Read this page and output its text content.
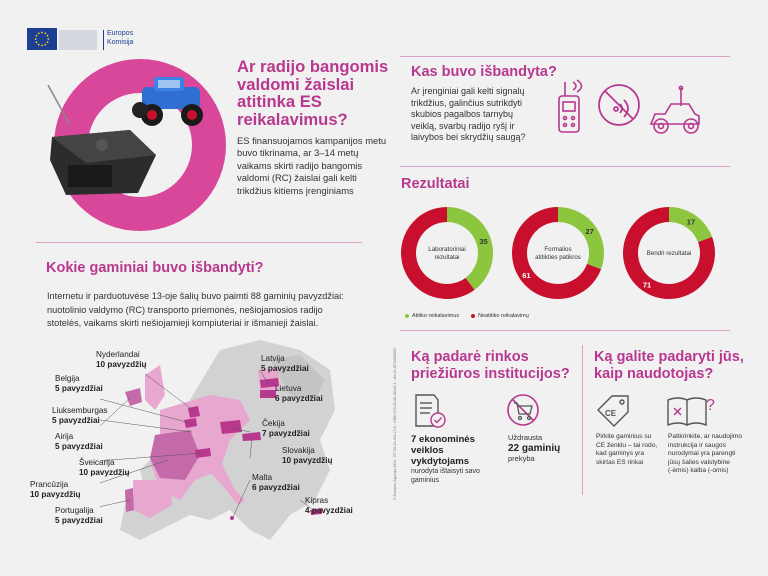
Europos
Komisija
Ar radijo bangomis
valdomi žaislai
atitinka ES
reikalavimus?
ES finansuojamos kampanijos metu
buvo tikrinama, ar 3–14 metų
vaikams skirti radijo bangomis
valdomi (RC) žaislai gali kelti
trikdžius kitiems įrenginiams
Kas buvo išbandyta?
Ar įrenginiai gali kelti signalų
trikdžius, galinčius sutrikdyti
skubios pagalbos tarnybų
veiklą, svarbų radijo ryšį ir
laivybos bei skrydžių saugą?
Rezultatai
Laboratoriniai
rezultatai
35
Formalios
atitikties patikros
27
61
Bendri rezultatai
17
71
Atitiko reikalavimus	Neatitiko reikalavimų
Kokie gaminiai buvo išbandyti?
Internetu ir parduotuvėse 13-oje šalių buvo paimti 88 gaminių pavyzdžiai:
nuotolinio valdymo (RC) transporto priemonės, nešiojamosios radijo
stotelės, vaikams skirti nešiojamieji kompiuteriai ir išmanieji žaislai.
Nyderlandai
10 pavyzdžių
Belgija
5 pavyzdžiai
Liuksemburgas
5 pavyzdžiai
Airija
5 pavyzdžiai
Šveicarija
10 pavyzdžių
Prancūzija
10 pavyzdžių
Portugalija
5 pavyzdžiai
Latvija
5 pavyzdžiai
Lietuva
6 pavyzdžiai
Čekija
7 pavyzdžiai
Slovakija
10 pavyzdžių
Malta
6 pavyzdžiai
Kipras
4 pavyzdžiai
© Europos Sąjunga 2024 · ET-05-24-264-LT-N · ISBN 978-92-68-18349-1 · doi:10.2873/856053 Ką padarė rinkos
priežiūros institucijos?
7 ekonominės
veiklos
vykdytojams
nurodyta ištaisyti savo
gaminius
Uždrausta
22 gaminių
prekyba
Ką galite padaryti jūs,
kaip naudotojas?
CE
Pirkite gaminius su
CE ženklu – tai rodo,
kad gaminys yra
skirtas ES rinkai
?
Patikrinkite, ar naudojimo
instrukcija ir saugos
nurodymai yra parengti
jūsų šalies valstybine
(-ėmis) kalba (-omis)
